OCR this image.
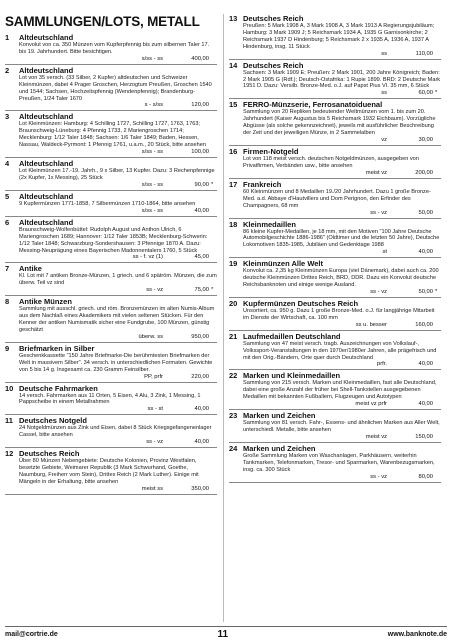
SAMMLUNGEN/LOTS, METALL
1	Altdeutschland
Konvolut von ca. 350 Münzen vom Kupferpfennig bis zum silbernen Taler 17. bis 19. Jahrhundert. Bitte besichtigen.
s/ss - ss	400,00
2	Altdeutschland
Lot von 35 versch. (33 Silber, 2 Kupfer) altdeutschen und Schweizer Kleinmünzen, dabei 4 Prager Groschen, Herzogtum Preußen, Groschen 1540 und 1544; Sachsen, Hochzeitspfennig (Wendenpfennig); Brandenburg-Preußen, 1/24 Taler 1670
s - s/ss	120,00
3	Altdeutschland
Lot Kleinmünzen: Hamburg: 4 Schilling 1727, Schilling 1727, 1763, 1763; Braunschweig-Lüneburg: 4 Pfennig 1733, 2 Mariengroschen 1714; Mecklenburg: 1/12 Taler 1848; Sachsen: 1/6 Taler 1849; Baden, Hessen, Nassau, Waldeck-Pyrmont: 1 Pfennig 1761, u.a.m., 20 Stück, bitte ansehen
s/ss - ss	100,00
4	Altdeutschland
Lot Kleinmünzen 17.-19. Jahrh., 9 x Silber, 13 Kupfer. Dazu: 3 Rechenpfennige (2x Kupfer, 1x Messing), 25 Stück
s/ss - ss	90,00 *
5	Altdeutschland
9 Kupfermünzen 1771-1858, 7 Silbermünzen 1710-1864, bitte ansehen
s/ss - ss	40,00
6	Altdeutschland
Braunschweig-Wolfenbüttel: Rudolph August und Anthon Ulrich, 6 Mariengroschen 1689; Hannover: 1/12 Taler 1853B; Mecklenburg-Schwerin: 1/12 Taler 1848; Schwarzburg-Sondershausen: 3 Pfennige 1870 A. Dazu: Messing-Neuprägung eines Bayerischen Madonnentalers 1760, 5 Stück
ss - f. vz (1)	45,00
7	Antike
Kl. Lot mit 7 antiken Bronze-Münzen, 1 griech. und 6 spätröm. Münzen, die zum überw. Teil vz sind
ss - vz	75,00 *
8	Antike Münzen
Sammlung mit ausschl. griech. und röm. Bronzemünzen im alten Numis-Album aus dem Nachlaß eines Akademikers mit vielen seltenen Stücken. Für den Kenner der antiken Numismatik sicher eine Fundgrube, 100 Münzen, günstig geschätzt
überw. ss	950,00
9	Briefmarken in Silber
Geschenkkassette "150 Jahre Briefmarke-Die berühmtesten Briefmarken der Welt in massivem Silber". 34 versch. in unterschiedlichen Formaten. Gewichte von 5 bis 14 g. Insgesamt ca. 230 Gramm Feinsilber.
PP, prfr	220,00
10 Deutsche Fahrmarken
14 versch. Fahrmarken aus 11 Orten, 5 Eisen, 4 Alu, 3 Zink, 1 Messing, 1 Pappscheibe in einem Metallrahmen
ss - st	40,00
11 Deutsches Notgeld
24 Notgeldmünzen aus Zink und Eisen, dabei 8 Stück Kriegsgefangenenlager Cassel, bitte ansehen
ss - vz	40,00
12 Deutsches Reich
Über 80 Münzen Nebengebiete: Deutsche Kolonien, Provinz Westfalen, besetzte Gebiete, Weimarer Republik (3 Mark Schwurhand, Goethe, Naumburg, Freiherr vom Stein), Drittes Reich (2 Mark Luther). Einige mit Mängeln in der Erhaltung, bitte ansehen
meist ss	350,00
13 Deutsches Reich
Preußen: 5 Mark 1908 A, 3 Mark 1908 A, 3 Mark 1913 A Regierungsjubiläum; Hamburg: 3 Mark 1909 J; 5 Reichsmark 1934 A, 1935 G Garnisonkirche; 2 Reichsmark 1937 D Hindenburg; 5 Reichsmark 2 x 1935 A, 1936 A, 1937 A Hindenburg, insg. 11 Stück
ss	110,00
14 Deutsches Reich
Sachsen: 3 Mark 1909 E; Preußen: 2 Mark 1901, 200 Jahre Königreich; Baden: 2 Mark 1905 G (Rdf.); Deutsch-Ostafrika: 1 Rupie 1899. BRD: 2 Deutsche Mark 1951 D. Dazu: Versilb. Bronze-Med. o.J. auf Papst Pius VI. 35 mm, 6 Stück
ss	60,00 *
15 FERRO-Münzserie, Ferrosanatoiduenal
Sammlung von 20 Repliken bedeutender Weltmünzen vom 1. bis zum 20. Jahrhundert (Kaiser Augustus bis 5 Reichsmark 1932 Eichbaum). Vorzügliche Abgüsse (als solche gekennzeichnet), jeweils mit ausführlicher Beschreibung der Zeit und der jeweiligen Münze, in 2 Sammelalben
vz	30,00
16 Firmen-Notgeld
Lot von 118 meist versch. deutschen Notgeldmünzen, ausgegeben von Privatfirmen, Verbänden usw., bitte ansehen
meist vz	200,00
17 Frankreich
60 Kleinmünzen und 8 Medaillen 19./20 Jahrhundert. Dazu 1 große Bronze-Med. a.d. Abbaye d'Hautvillers und Dom Perignon, den Erfinder des Champagners, 68 mm
ss - vz	50,00
18 Kleinmedaillen
86 kleine Kupfer-Medaillen, je 18 mm, mit den Motiven "100 Jahre Deutsche Automobilgeschichte 1886-1986" (Oldtimer und die letzten 50 Jahre), Deutsche Lokomotiven 1835-1985, Jubiläen und Gedenktage 1988
st	40,00
19 Kleinmünzen Alle Welt
Konvolut ca. 2,35 kg Kleinmünzen Europa (viel Dänemark), dabei auch ca. 200 deutsche Kleinmünzen Drittes Reich, BRD, DDR. Dazu ein Konvolut deutsche Reichsbanknoten und einige wenige Ausland.
ss - vz	50,00 *
20 Kupfermünzen Deutsches Reich
Unsortiert, ca. 950 g. Dazu 1 große Bronze-Med. o.J. für langjährige Mitarbeit im Dienste der Wirtschaft, ca. 100 mm
ss u. besser	160,00
21 Laufmedaillen Deutschland
Sammlung von 47 meist versch. tragb. Auszeichnungen von Volkslauf-, Volkssport-Veranstaltungen in den 1970er/1980er Jahren, alle prägefrisch und mit den Orig.-Bändern, Orte quer durch Deutschland
prfr.	40,00
22 Marken und Kleinmedaillen
Sammlung von 215 versch. Marken und Kleinmedaillen, fast alle Deutschland, dabei eine große Anzahl der früher bei Shell-Tankstellen ausgegebenen Medaillen mit bekannten Fußballern, Flugzeugen und Autotypen
meist vz prfr	40,00
23 Marken und Zeichen
Sammlung von 81 versch. Fahr-, Essens- und ähnlichen Marken aus Aller Welt, unterschiedl. Metalle, bitte ansehen
meist vz	150,00
24 Marken und Zeichen
Große Sammlung Marken von Waschanlagen, Parkhäusern, weiterhin Tankmarken, Telefonmarken, Tresor- und Sparmarken, Warenbezugsmarken, insg. ca. 300 Stück
ss - vz	80,00
mail@cortrie.de	11	www.banknote.de
